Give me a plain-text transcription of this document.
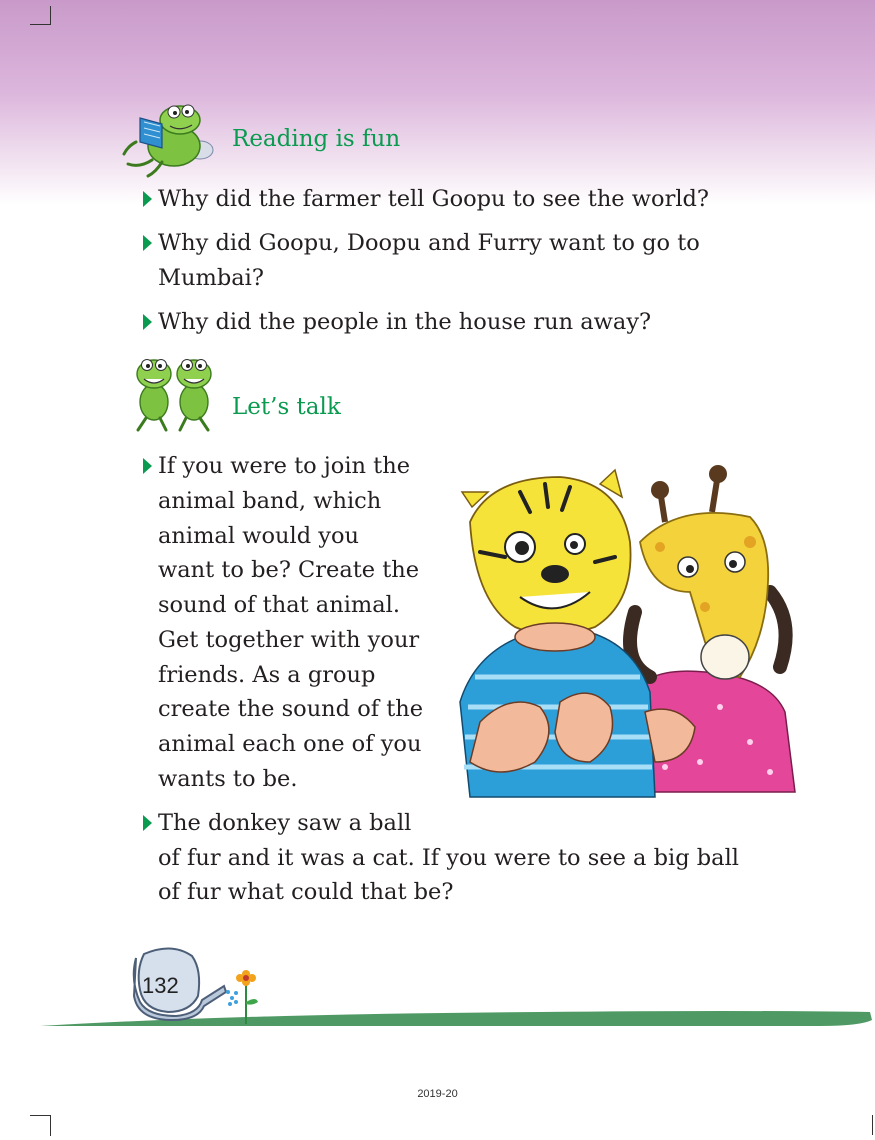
Reading is fun
Why did the farmer tell Goopu to see the world?
Why did Goopu, Doopu and Furry want to go to
Mumbai?
Why did the people in the house run away?
Let’s talk
If you were to join the
animal band, which
animal would you
want to be? Create the
sound of that animal.
Get together with your
friends. As a group
create the sound of the
animal each one of you
wants to be.
The donkey saw a ball
of fur and it was a cat. If you were to see a big ball
of fur what could that be?
132
2019-20
